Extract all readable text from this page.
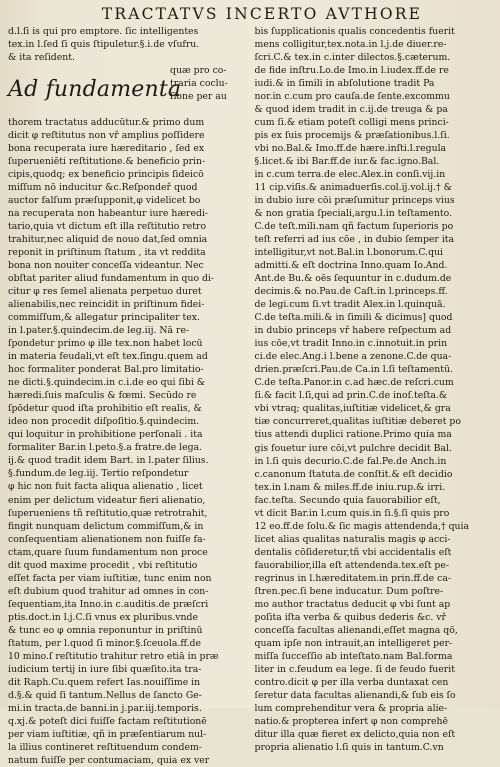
TRACTATVS INCERTO AVTHORE
d.l.ſi is qui pro emptore. ſic intelligentes
tex.in l.ſed ſi quis ſtipuletur.§.i.de vſufru.
& ita reſident.
Ad fundamenta
quæ pro co-
traria coclu-
ſione per au
thorem tractatus adducūtur.& primo dum
dicit φ reſtitutus non vř amplius poſſidere
bona recuperata iure hæreditario , ſed ex
ſuperueniēti reſtitutione.& beneficio prin-
cipis,quodq; ex beneficio principis ſideicō
miſſum nō inducitur &c.Reſpondeř quod
auctor falſum præſupponit,φ videlicet bo
na recuperata non habeantur iure hæredi-
tario,quia vt dictum eſt illa reſtitutio retro
trahitur,nec aliquid de nouo dat,ſed omnia
reponit in priſtinum ſtatum , ita vt reddita
bona non nouiter conceſſa videantur. Nec
obſtat pariter aliud fundamentum in quo di-
citur φ res ſemel alienata perpetuo duret
alienabilis,nec reincidit in priſtinum fidei-
commiſſum,& allegatur principaliter tex.
in l.pater.§.quindecim.de leg.iij. Nā re-
ſpondetur primo φ ille tex.non habet locū
in materia feudali,vt eſt tex.ſingu.quem ad
hoc formaliter ponderat Bal.pro limitatio-
ne dicti.§.quindecim.in c.i.de eo qui ſibi &
hæredi.ſuis maſculis & fœmi. Secūdo re
ſpōdetur quod iſta prohibitio eſt realis, &
ideo non procedit diſpoſitio.§.quindecim.
qui loquitur in prohibitione perſonali . ita
formaliter Bar.in l.peto.§.a fratre.de lega.
ij.& quod tradit idem Bart. in l.pater ſilius.
§.fundum.de leg.iij. Tertio reſpondetur
φ hic non fuit facta aliqua alienatio , licet
enim per delictum videatur fieri alienatio,
ſuperueniens tñ reſtitutio,quæ retrotrahit,
fingit nunquam delictum commiſſum,& in
conſequentiam alienationem non fuiſſe fa-
ctam,quare ſuum fundamentum non proce
dit quod maxime procedit , vbi reſtitutio
eſſet facta per viam iuſtitiæ, tunc enim non
eſt dubium quod trahitur ad omnes in con-
ſequentiam,ita Inno.in c.auditis.de præſcri
ptis.doct.in l.j.C.ſi vnus ex pluribus.vnde
& tunc eo φ omnia reponuntur in priſtinū
ſtatum, per l.quod ſi minor.§.ſceuola.ff.de
10 mino.ſ reſtitutio trahitur retro etiā in præ
iudicium tertij in iure ſibi quæſito.ita tra-
dit Raph.Cu.quem refert Ias.nouiſſime in
d.§.& quid ſi tantum.Nellus de ſancto Ge-
mi.in tracta.de banni.in j.par.iij.temporis.
q.xj.& poteſt dici fuiſſe factam reſtitutionē
per viam iuſtitiæ, qñ in præſentiarum nul-
la illius contineret reſtituendum condem-
natum fuiſſe per contumaciam, quia ex ver
bis ſupplicationis qualis concedentis fuerit
mens colligitur,tex.nota.in l.j.de diuer.re-
ſcri.C.& tex.in c.inter dilectos.§.cæterum.
de fide inſtru.Lo.de Imo.in l.iudex.ff.de re
iudi.& in ſimili in abſolutione tradit Pa
nor.in c.cum pro cauſa.de ſente.excommu
& quod idem tradit in c.ij.de treuga & pa
cum ſi.& etiam poteſt colligi mens princi-
pis ex ſuis procemijs & præſationibus.l.ſi.
vbi no.Bal.& Imo.ff.de hære.inſti.l.regula
§.licet.& ibi Bar.ff.de iur.& fac.igno.Bal.
in c.cum terra.de elec.Alex.in conſi.vij.in
11 cip.viſis.& animaduerſis.col.ij.vol.ij.† &
in dubio iure cōi præſumitur princeps vius
& non gratia ſpeciali,argu.l.in teſtamento.
C.de teſt.mili.nam qñ factum ſuperioris po
teſt referri ad ius cōe , in dubio ſemper ita
intelligitur,vt not.Bal.in l.bonorum.C.qui
admitti.& eſt doctrina Inno.quam Io.And.
Ant.de Bu.& oēs ſequuntur in c.dudum.de
decimis.& no.Pau.de Caſt.in l.princeps.ff.
de legi.cum ſi.vt tradit Alex.in l.quinquā.
C.de teſta.mili.& in ſimili & dicimus] quod
in dubio princeps vř habere reſpectum ad
ius cōe,vt tradit Inno.in c.innotuit.in prin
ci.de elec.Ang.i l.bene a zenone.C.de qua-
drien.præſcri.Pau.de Ca.in l.ſi teſtamentū.
C.de teſta.Panor.in c.ad hæc.de reſcri.cum
ſi.& facit l.ſi,qui ad prin.C.de inoſ.teſta.&
vbi vtraq; qualitas,iuſtitiæ videlicet,& gra
tiæ concurreret,qualitas iuſtitiæ deberet po
tius attendi duplici ratione.Primo quia ma
gis fouetur iure cōi,vt pulchre decidit Bal.
in l.ſi quis decurio.C.de fal.Pe.de Anch.in
c.canonum ſtatuta.de conſtit.& eſt decidio
tex.in l.nam & miles.ff.de iniu.rup.& irri.
fac.teſta. Secundo quia fauorabilior eſt,
vt dicit Bar.in l.cum quis.in ſi.§.ſi quis pro
12 eo.ff.de ſolu.& ſic magis attendenda,† quia
licet alias qualitas naturalis magis φ acci-
dentalis cōſideretur,tñ vbi accidentalis eſt
fauorabilior,illa eſt attendenda.tex.eſt pe-
regrinus in l.hæreditatem.in prin.ff.de ca-
ſtren.pec.ſi bene inducatur. Dum poſtre-
mo author tractatus deducit φ vbi ſunt ap
poſita iſta verba & quibus dederis &c. vř
conceſſa facultas alienandi,eſſet magna qō,
quam ipſe non intrauit,an intelligeret per-
miſſa ſucceſſio ab inteſtato.nam Bal.forma
liter in c.feudum ea lege. ſi de feudo fuerit
contro.dicit φ per illa verba duntaxat cen
ſeretur data facultas alienandi,& ſub eis ſo
lum comprehenditur vera & propria alie-
natio.& propterea infert φ non comprehē
ditur illa quæ fieret ex delicto,quia non eſt
propria alienatio l.ſi quis in tantum.C.vn
